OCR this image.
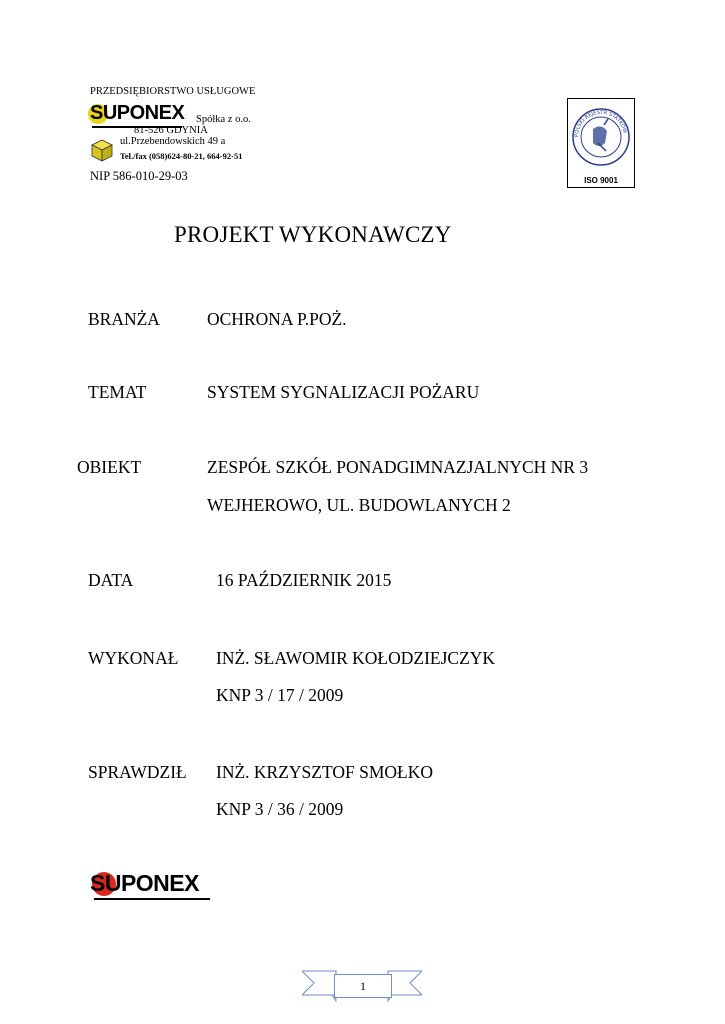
PRZEDSIĘBIORSTWO USŁUGOWE
SUPONEX Spółka z o.o.
81-526 GDYNIA
ul.Przebendowskich 49 a
Tel./fax (058)624-80-21, 664-92-51
NIP 586-010-29-03
POLSKI REJESTR STATKÓW
ISO 9001
PROJEKT WYKONAWCZY
BRANŻA	OCHRONA P.POŻ.
TEMAT	SYSTEM SYGNALIZACJI POŻARU
OBIEKT	ZESPÓŁ SZKÓŁ PONADGIMNAZJALNYCH NR 3
WEJHEROWO, UL. BUDOWLANYCH 2
DATA	16 PAŹDZIERNIK 2015
WYKONAŁ INŻ. SŁAWOMIR KOŁODZIEJCZYK
KNP 3 / 17 / 2009
SPRAWDZIŁ INŻ. KRZYSZTOF SMOŁKO
KNP 3 / 36 / 2009
SUPONEX
1
